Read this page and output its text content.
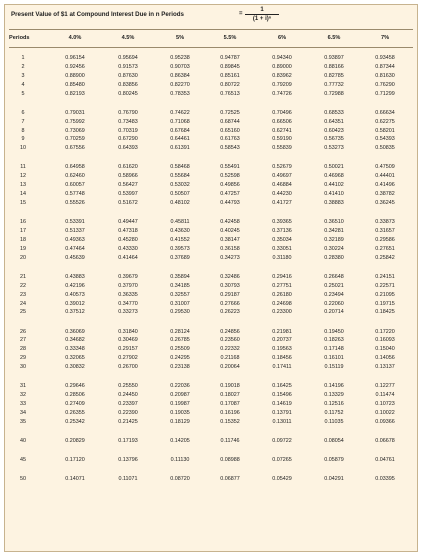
Present Value of $1 at Compound Interest Due in n Periods	=
1
(1 + i)ⁿ
Periods	4.0%	4.5%	5%	5.5%	6%	6.5%	7%
1	0.96154	0.95694	0.95238	0.94787	0.94340	0.93897	0.93458
2	0.92456	0.91573	0.90703	0.89845	0.89000	0.88166	0.87344
3	0.88900	0.87630	0.86384	0.85161	0.83962	0.82785	0.81630
4	0.85480	0.83856	0.82270	0.80722	0.79209	0.77732	0.76290
5	0.82193	0.80245	0.78353	0.76513	0.74726	0.72988	0.71299
6	0.79031	0.76790	0.74622	0.72525	0.70496	0.68533	0.66634
7	0.75992	0.73483	0.71068	0.68744	0.66506	0.64351	0.62275
8	0.73069	0.70319	0.67684	0.65160	0.62741	0.60423	0.58201
9	0.70259	0.67290	0.64461	0.61763	0.59190	0.56735	0.54393
10	0.67556	0.64393	0.61391	0.58543	0.55839	0.53273	0.50835
11	0.64958	0.61620	0.58468	0.55491	0.52679	0.50021	0.47509
12	0.62460	0.58966	0.55684	0.52598	0.49697	0.46968	0.44401
13	0.60057	0.56427	0.53032	0.49856	0.46884	0.44102	0.41496
14	0.57748	0.53997	0.50507	0.47257	0.44230	0.41410	0.38782
15	0.55526	0.51672	0.48102	0.44793	0.41727	0.38883	0.36245
16	0.53391	0.49447	0.45811	0.42458	0.39365	0.36510	0.33873
17	0.51337	0.47318	0.43630	0.40245	0.37136	0.34281	0.31657
18	0.49363	0.45280	0.41552	0.38147	0.35034	0.32189	0.29586
19	0.47464	0.43330	0.39573	0.36158	0.33051	0.30224	0.27651
20	0.45639	0.41464	0.37689	0.34273	0.31180	0.28380	0.25842
21	0.43883	0.39679	0.35894	0.32486	0.29416	0.26648	0.24151
22	0.42196	0.37970	0.34185	0.30793	0.27751	0.25021	0.22571
23	0.40573	0.36335	0.32557	0.29187	0.26180	0.23494	0.21095
24	0.39012	0.34770	0.31007	0.27666	0.24698	0.22060	0.19715
25	0.37512	0.33273	0.29530	0.26223	0.23300	0.20714	0.18425
26	0.36069	0.31840	0.28124	0.24856	0.21981	0.19450	0.17220
27	0.34682	0.30469	0.26785	0.23560	0.20737	0.18263	0.16093
28	0.33348	0.29157	0.25509	0.22332	0.19563	0.17148	0.15040
29	0.32065	0.27902	0.24295	0.21168	0.18456	0.16101	0.14056
30	0.30832	0.26700	0.23138	0.20064	0.17411	0.15119	0.13137
31	0.29646	0.25550	0.22036	0.19018	0.16425	0.14196	0.12277
32	0.28506	0.24450	0.20987	0.18027	0.15496	0.13329	0.11474
33	0.27409	0.23397	0.19987	0.17087	0.14619	0.12516	0.10723
34	0.26355	0.22390	0.19035	0.16196	0.13791	0.11752	0.10022
35	0.25342	0.21425	0.18129	0.15352	0.13011	0.11035	0.09366
40	0.20829	0.17193	0.14205	0.11746	0.09722	0.08054	0.06678
45	0.17120	0.13796	0.11130	0.08988	0.07265	0.05879	0.04761
50	0.14071	0.11071	0.08720	0.06877	0.05429	0.04291	0.03395
